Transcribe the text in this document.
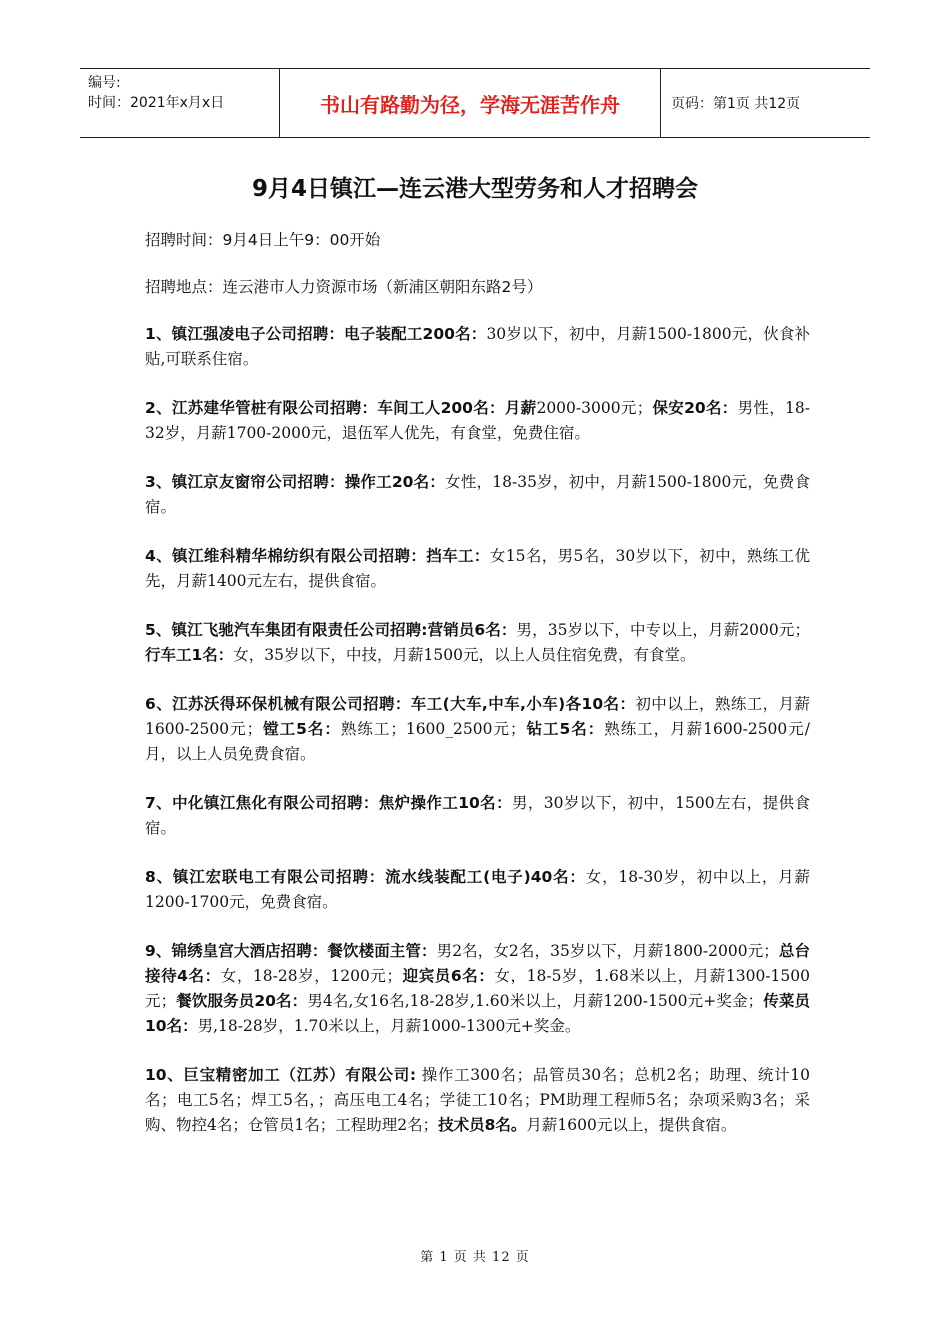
编号:
时间：2021年x月x日	书山有路勤为径，学海无涯苦作舟	页码：第1页 共12页
9月4日镇江—连云港大型劳务和人才招聘会

招聘时间：9月4日上午9：00开始

招聘地点：连云港市人力资源市场（新浦区朝阳东路2号）

1、镇江强凌电子公司招聘：电子装配工200名：30岁以下，初中，月薪1500-1800元，伙食补贴,可联系住宿。

2、江苏建华管桩有限公司招聘：车间工人200名：月薪2000-3000元；保安20名：男性，18-32岁，月薪1700-2000元，退伍军人优先，有食堂，免费住宿。

3、镇江京友窗帘公司招聘：操作工20名：女性，18-35岁，初中，月薪1500-1800元，免费食宿。

4、镇江维科精华棉纺织有限公司招聘：挡车工：女15名，男5名，30岁以下，初中，熟练工优先，月薪1400元左右，提供食宿。

5、镇江飞驰汽车集团有限责任公司招聘:营销员6名：男，35岁以下，中专以上，月薪2000元；行车工1名：女，35岁以下，中技，月薪1500元，以上人员住宿免费，有食堂。

6、江苏沃得环保机械有限公司招聘：车工(大车,中车,小车)各10名：初中以上，熟练工，月薪1600-2500元；镗工5名：熟练工；1600_2500元；钻工5名：熟练工，月薪1600-2500元/月，以上人员免费食宿。

7、中化镇江焦化有限公司招聘：焦炉操作工10名：男，30岁以下，初中，1500左右，提供食宿。

8、镇江宏联电工有限公司招聘：流水线装配工(电子)40名：女，18-30岁，初中以上，月薪1200-1700元，免费食宿。

9、锦绣皇宫大酒店招聘：餐饮楼面主管：男2名，女2名，35岁以下，月薪1800-2000元；总台接待4名：女，18-28岁，1200元；迎宾员6名：女，18-5岁，1.68米以上，月薪1300-1500元；餐饮服务员20名：男4名,女16名,18-28岁,1.60米以上，月薪1200-1500元+奖金；传菜员10名：男,18-28岁，1.70米以上，月薪1000-1300元+奖金。

10、巨宝精密加工（江苏）有限公司: 操作工300名；品管员30名；总机2名；助理、统计10名；电工5名；焊工5名，；高压电工4名；学徒工10名；PM助理工程师5名；杂项采购3名；采购、物控4名；仓管员1名；工程助理2名；技术员8名。月薪1600元以上，提供食宿。

第 1 页 共 12 页
